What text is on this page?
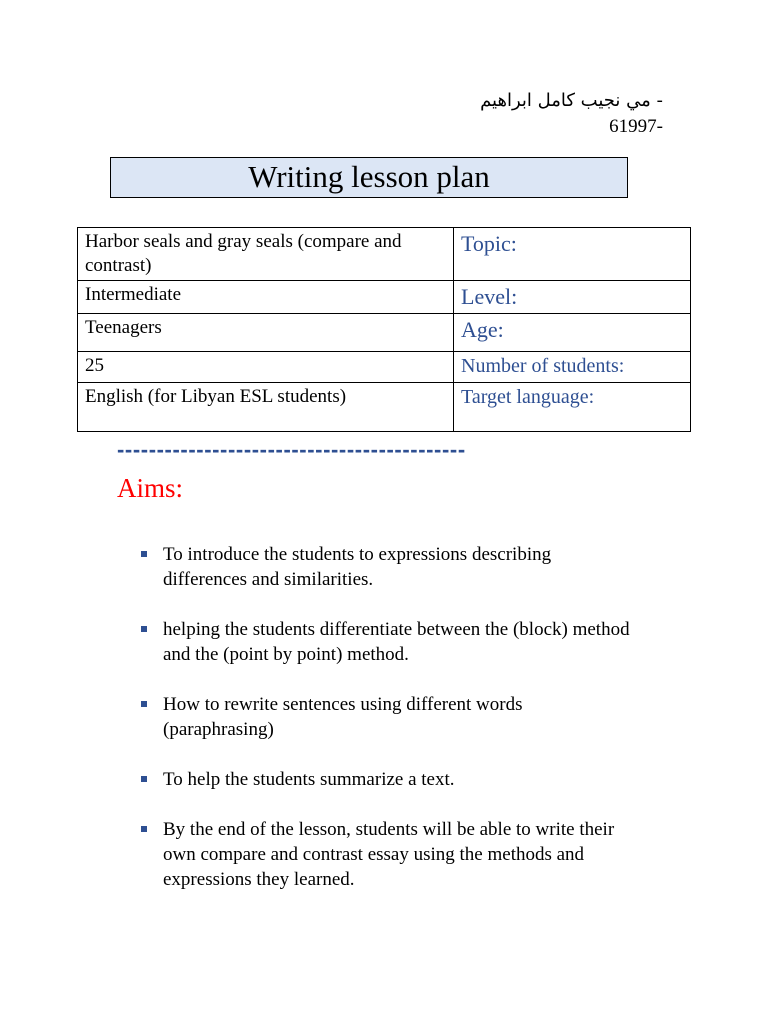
- مي نجيب كامل ابراهيم
61997-
Writing lesson plan
Harbor seals and gray seals (compare and contrast)	Topic:
Intermediate	Level:
Teenagers	Age:
25	Number of students:
English (for Libyan ESL students)	Target language:
--------------------------------------------
Aims:
To introduce the students to expressions describing differences and similarities.
helping the students differentiate between the (block) method and the (point by point) method.
How to rewrite sentences using different words (paraphrasing)
To help the students summarize a text.
By the end of the lesson, students will be able to write their own compare and contrast essay using the methods and expressions they learned.
